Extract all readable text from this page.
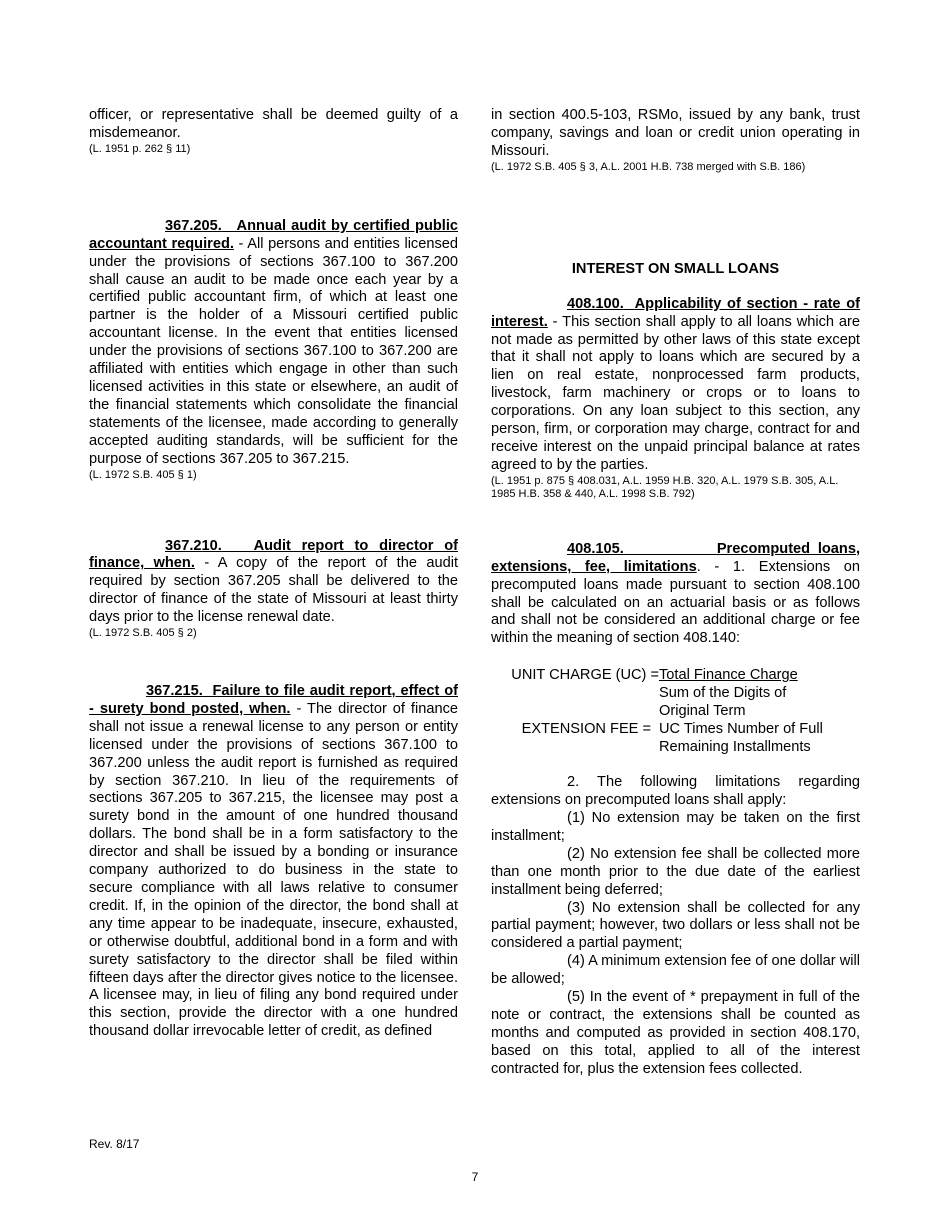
officer, or representative shall be deemed guilty of a misdemeanor.

(L. 1951 p. 262 § 11)

367.205. Annual audit by certified public accountant required. - All persons and entities licensed under the provisions of sections 367.100 to 367.200 shall cause an audit to be made once each year by a certified public accountant firm, of which at least one partner is the holder of a Missouri certified public accountant license. In the event that entities licensed under the provisions of sections 367.100 to 367.200 are affiliated with entities which engage in other than such licensed activities in this state or elsewhere, an audit of the financial statements which consolidate the financial statements of the licensee, made according to generally accepted auditing standards, will be sufficient for the purpose of sections 367.205 to 367.215.

(L. 1972 S.B. 405 § 1)

367.210. Audit report to director of finance, when. - A copy of the report of the audit required by section 367.205 shall be delivered to the director of finance of the state of Missouri at least thirty days prior to the license renewal date.

(L. 1972 S.B. 405 § 2)

367.215. Failure to file audit report, effect of - surety bond posted, when. - The director of finance shall not issue a renewal license to any person or entity licensed under the provisions of sections 367.100 to 367.200 unless the audit report is furnished as required by section 367.210. In lieu of the requirements of sections 367.205 to 367.215, the licensee may post a surety bond in the amount of one hundred thousand dollars. The bond shall be in a form satisfactory to the director and shall be issued by a bonding or insurance company authorized to do business in the state to secure compliance with all laws relative to consumer credit. If, in the opinion of the director, the bond shall at any time appear to be inadequate, insecure, exhausted, or otherwise doubtful, additional bond in a form and with surety satisfactory to the director shall be filed within fifteen days after the director gives notice to the licensee. A licensee may, in lieu of filing any bond required under this section, provide the director with a one hundred thousand dollar irrevocable letter of credit, as defined

in section 400.5-103, RSMo, issued by any bank, trust company, savings and loan or credit union operating in Missouri.

(L. 1972 S.B. 405 § 3, A.L. 2001 H.B. 738 merged with S.B. 186)

INTEREST ON SMALL LOANS

408.100. Applicability of section - rate of interest. - This section shall apply to all loans which are not made as permitted by other laws of this state except that it shall not apply to loans which are secured by a lien on real estate, nonprocessed farm products, livestock, farm machinery or crops or to loans to corporations. On any loan subject to this section, any person, firm, or corporation may charge, contract for and receive interest on the unpaid principal balance at rates agreed to by the parties.

(L. 1951 p. 875 § 408.031, A.L. 1959 H.B. 320, A.L. 1979 S.B. 305, A.L. 1985 H.B. 358 & 440, A.L. 1998 S.B. 792)

408.105.	Precomputed loans, extensions, fee, limitations. - 1. Extensions on precomputed loans made pursuant to section 408.100 shall be calculated on an actuarial basis or as follows and shall not be considered an additional charge or fee within the meaning of section 408.140:

UNIT CHARGE (UC) = Total Finance Charge
Sum of the Digits of
Original Term
EXTENSION FEE = UC Times Number of Full
Remaining Installments

2. The following limitations regarding extensions on precomputed loans shall apply:

(1) No extension may be taken on the first installment;

(2) No extension fee shall be collected more than one month prior to the due date of the earliest installment being deferred;

(3) No extension shall be collected for any partial payment; however, two dollars or less shall not be considered a partial payment;

(4) A minimum extension fee of one dollar will be allowed;

(5) In the event of * prepayment in full of the note or contract, the extensions shall be counted as months and computed as provided in section 408.170, based on this total, applied to all of the interest contracted for, plus the extension fees collected.

Rev. 8/17
7
